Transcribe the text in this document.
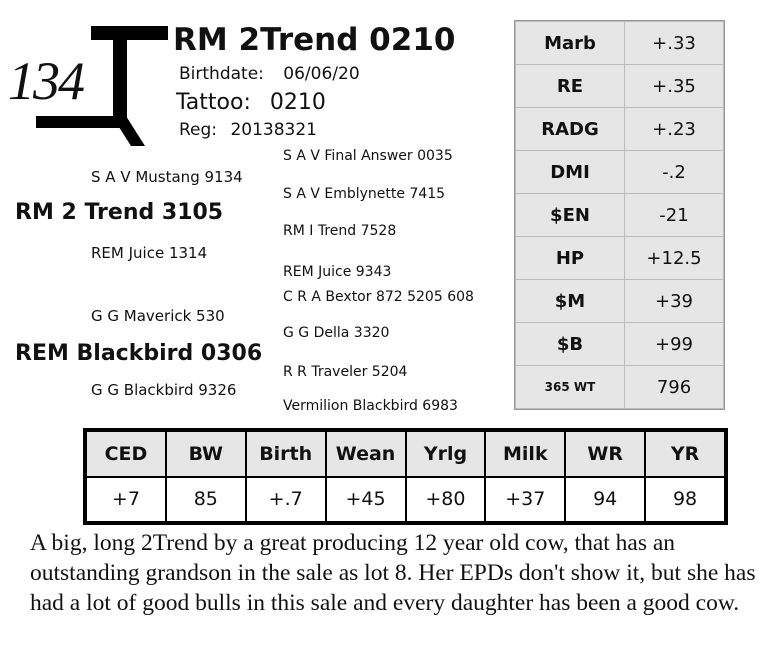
134
RM 2Trend 0210
Birthdate: 06/06/20
Tattoo: 0210
Reg: 20138321
S A V Mustang 9134
RM 2 Trend 3105
REM Juice 1314
G G Maverick 530
REM Blackbird 0306
G G Blackbird 9326
S A V Final Answer 0035
S A V Emblynette 7415
RM I Trend 7528
REM Juice 9343
C R A Bextor 872 5205 608
G G Della 3320
R R Traveler 5204
Vermilion Blackbird 6983
Marb	+.33
RE	+.35
RADG	+.23
DMI	-.2
$EN	-21
HP	+12.5
$M	+39
$B	+99
365 WT	796
CED	BW	Birth	Wean	Yrlg	Milk	WR	YR
+7	85	+.7	+45	+80	+37	94	98
A big, long 2Trend by a great producing 12 year old cow, that has an outstanding grandson in the sale as lot 8. Her EPDs don't show it, but she has had a lot of good bulls in this sale and every daughter has been a good cow.
